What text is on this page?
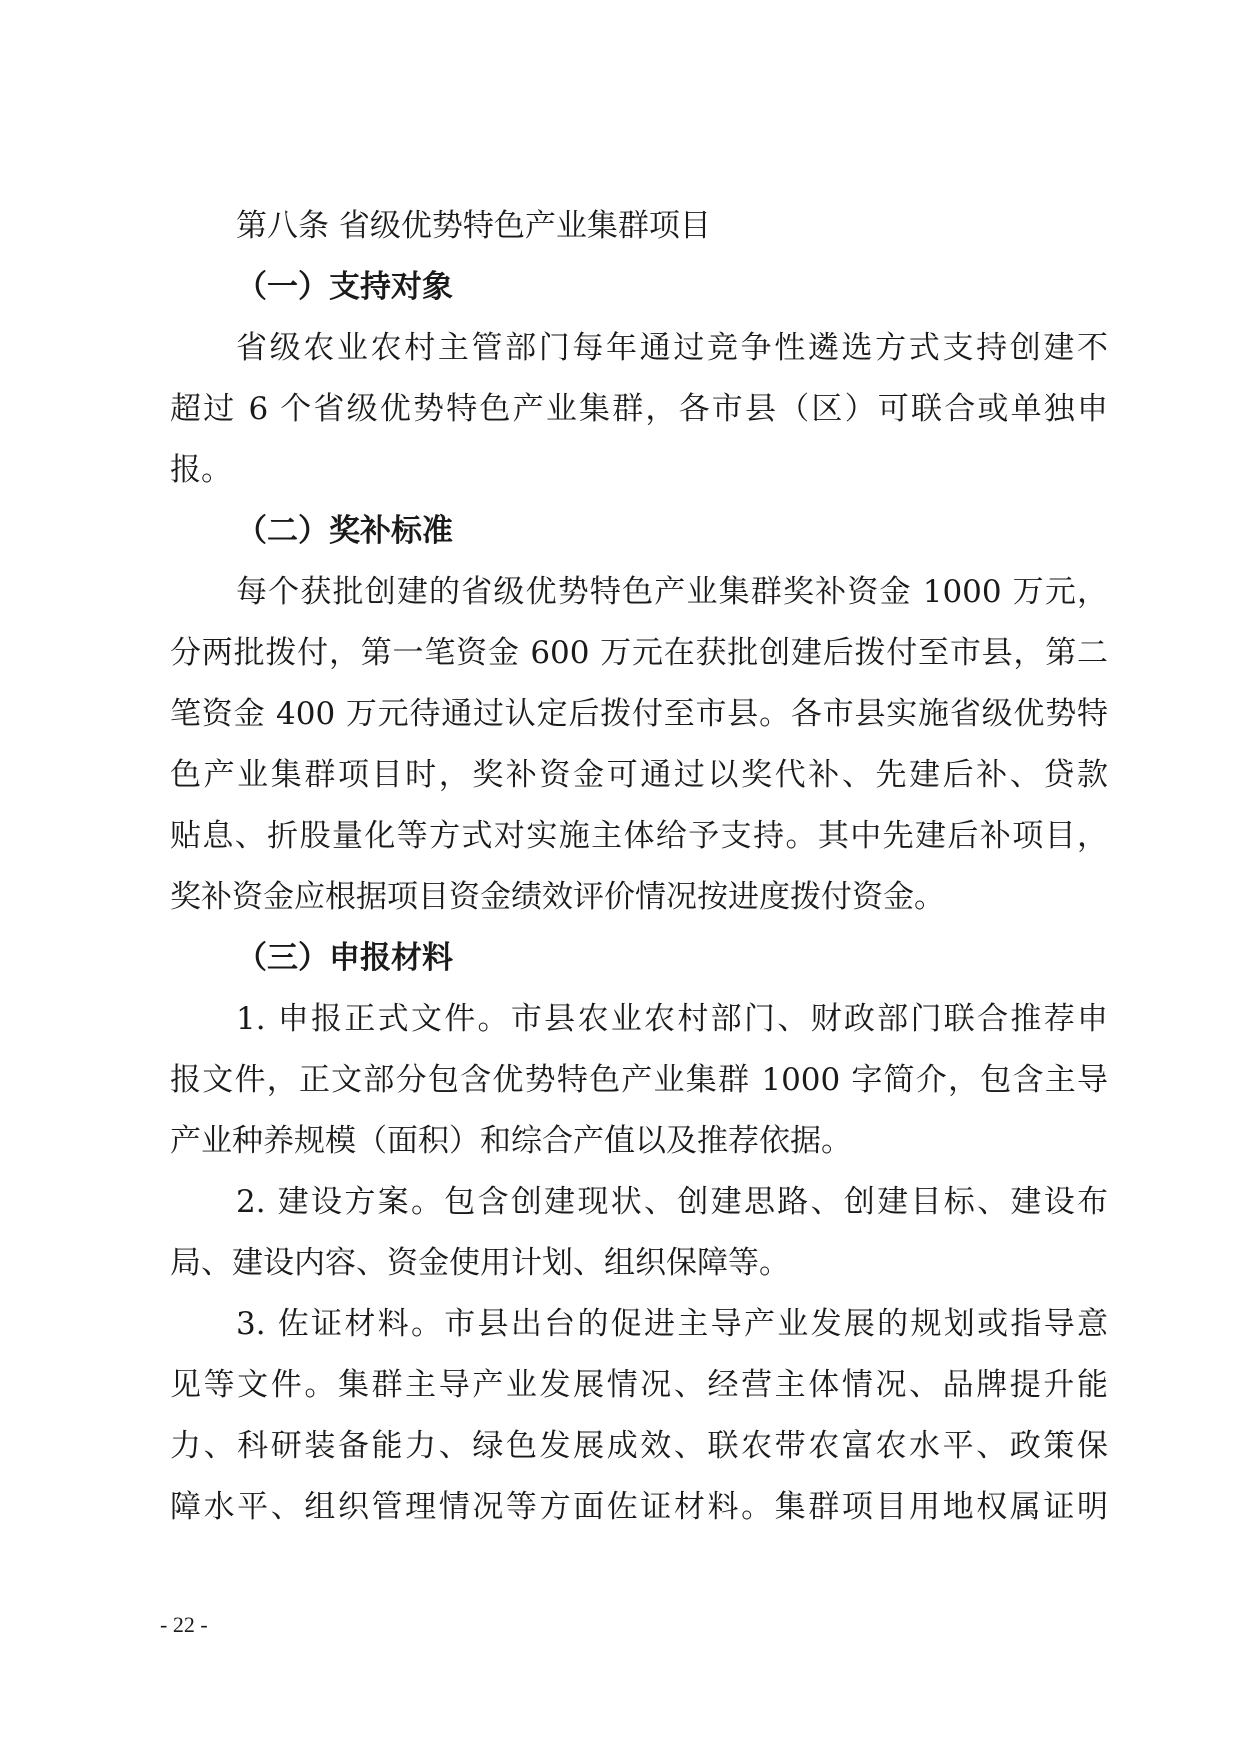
第八条 省级优势特色产业集群项目
（一）支持对象
省级农业农村主管部门每年通过竞争性遴选方式支持创建不
超过 6 个省级优势特色产业集群，各市县（区）可联合或单独申
报。
（二）奖补标准
每个获批创建的省级优势特色产业集群奖补资金 1000 万元，
分两批拨付，第一笔资金 600 万元在获批创建后拨付至市县，第二
笔资金 400 万元待通过认定后拨付至市县。各市县实施省级优势特
色产业集群项目时，奖补资金可通过以奖代补、先建后补、贷款
贴息、折股量化等方式对实施主体给予支持。其中先建后补项目，
奖补资金应根据项目资金绩效评价情况按进度拨付资金。
（三）申报材料
1. 申报正式文件。市县农业农村部门、财政部门联合推荐申
报文件，正文部分包含优势特色产业集群 1000 字简介，包含主导
产业种养规模（面积）和综合产值以及推荐依据。
2. 建设方案。包含创建现状、创建思路、创建目标、建设布
局、建设内容、资金使用计划、组织保障等。
3. 佐证材料。市县出台的促进主导产业发展的规划或指导意
见等文件。集群主导产业发展情况、经营主体情况、品牌提升能
力、科研装备能力、绿色发展成效、联农带农富农水平、政策保
障水平、组织管理情况等方面佐证材料。集群项目用地权属证明
- 22 -
